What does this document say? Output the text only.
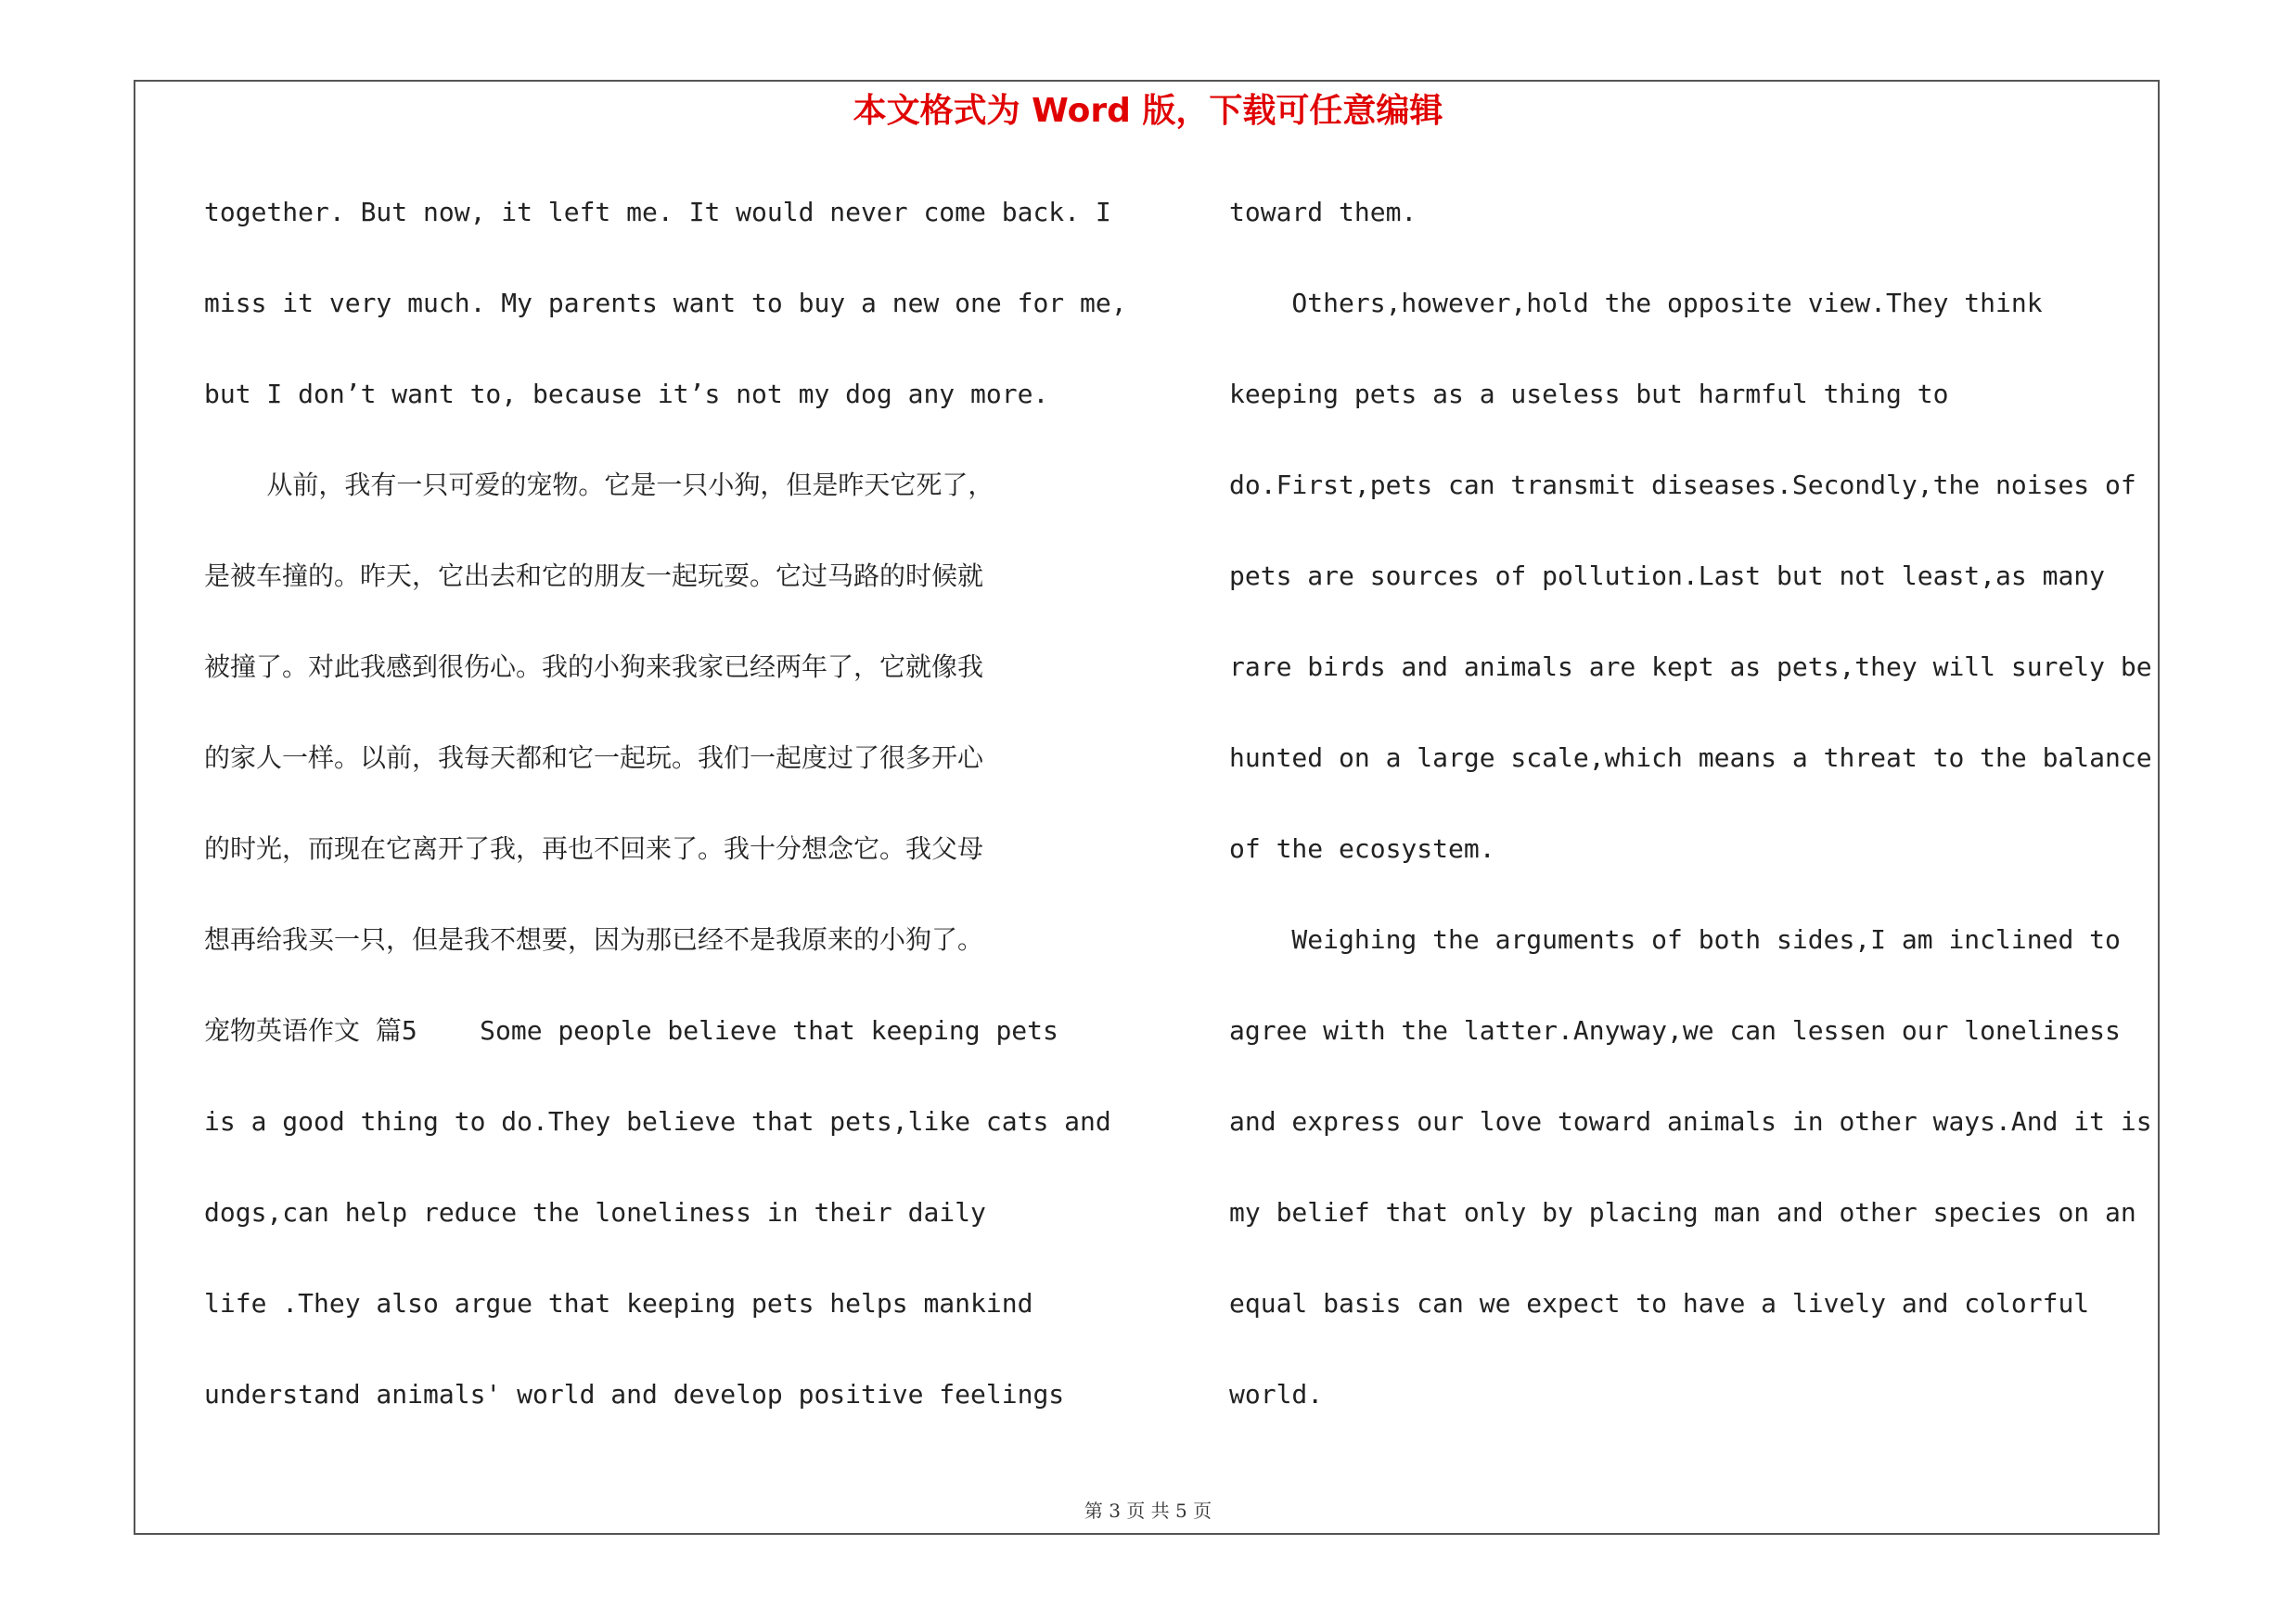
本文格式为 Word 版，下载可任意编辑
together. But now, it left me. It would never come back. I
miss it very much. My parents want to buy a new one for me,
but I don’t want to, because it’s not my dog any more.
从前，我有一只可爱的宠物。它是一只小狗，但是昨天它死了，
是被车撞的。昨天，它出去和它的朋友一起玩耍。它过马路的时候就
被撞了。对此我感到很伤心。我的小狗来我家已经两年了，它就像我
的家人一样。以前，我每天都和它一起玩。我们一起度过了很多开心
的时光，而现在它离开了我，再也不回来了。我十分想念它。我父母
想再给我买一只，但是我不想要，因为那已经不是我原来的小狗了。
宠物英语作文 篇5    Some people believe that keeping pets
is a good thing to do.They believe that pets,like cats and
dogs,can help reduce the loneliness in their daily
life .They also argue that keeping pets helps mankind
understand animals' world and develop positive feelings
toward them.
Others,however,hold the opposite view.They think
keeping pets as a useless but harmful thing to
do.First,pets can transmit diseases.Secondly,the noises of
pets are sources of pollution.Last but not least,as many
rare birds and animals are kept as pets,they will surely be
hunted on a large scale,which means a threat to the balance
of the ecosystem.
Weighing the arguments of both sides,I am inclined to
agree with the latter.Anyway,we can lessen our loneliness
and express our love toward animals in other ways.And it is
my belief that only by placing man and other species on an
equal basis can we expect to have a lively and colorful
world.
第 3 页 共 5 页
